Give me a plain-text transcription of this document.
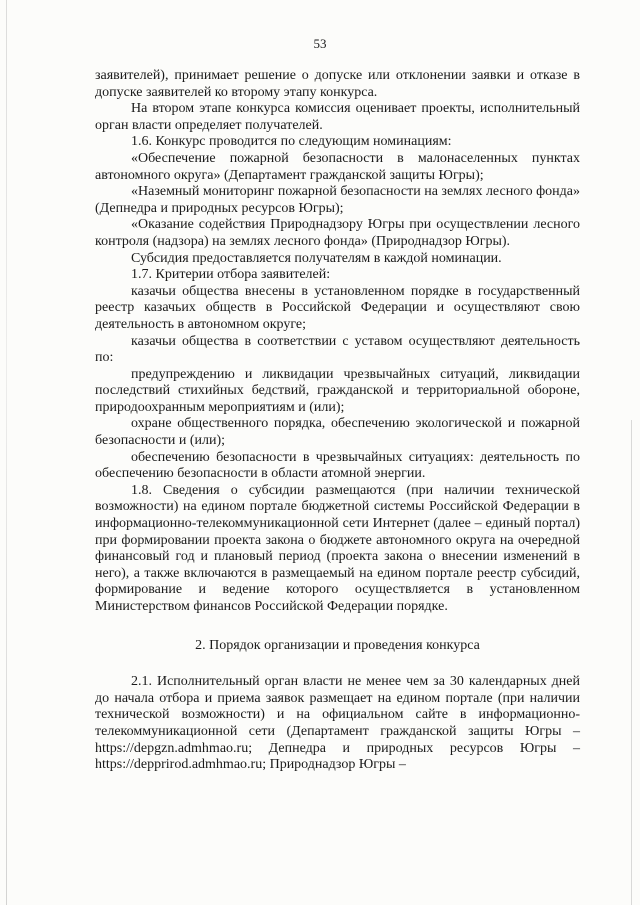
53

заявителей), принимает решение о допуске или отклонении заявки и отказе в допуске заявителей ко второму этапу конкурса.

На втором этапе конкурса комиссия оценивает проекты, исполнительный орган власти определяет получателей.

1.6. Конкурс проводится по следующим номинациям:

«Обеспечение пожарной безопасности в малонаселенных пунктах автономного округа» (Департамент гражданской защиты Югры);

«Наземный мониторинг пожарной безопасности на землях лесного фонда» (Депнедра и природных ресурсов Югры);

«Оказание содействия Природнадзору Югры при осуществлении лесного контроля (надзора) на землях лесного фонда» (Природнадзор Югры).

Субсидия предоставляется получателям в каждой номинации.

1.7. Критерии отбора заявителей:

казачьи общества внесены в установленном порядке в государственный реестр казачьих обществ в Российской Федерации и осуществляют свою деятельность в автономном округе;

казачьи общества в соответствии с уставом осуществляют деятельность по:

предупреждению и ликвидации чрезвычайных ситуаций, ликвидации последствий стихийных бедствий, гражданской и территориальной обороне, природоохранным мероприятиям и (или);

охране общественного порядка, обеспечению экологической и пожарной безопасности и (или);

обеспечению безопасности в чрезвычайных ситуациях: деятельность по обеспечению безопасности в области атомной энергии.

1.8. Сведения о субсидии размещаются (при наличии технической возможности) на едином портале бюджетной системы Российской Федерации в информационно-телекоммуникационной сети Интернет (далее – единый портал) при формировании проекта закона о бюджете автономного округа на очередной финансовый год и плановый период (проекта закона о внесении изменений в него), а также включаются в размещаемый на едином портале реестр субсидий, формирование и ведение которого осуществляется в установленном Министерством финансов Российской Федерации порядке.

2. Порядок организации и проведения конкурса

2.1. Исполнительный орган власти не менее чем за 30 календарных дней до начала отбора и приема заявок размещает на едином портале (при наличии технической возможности) и на официальном сайте в информационно-телекоммуникационной сети (Департамент гражданской защиты Югры – https://depgzn.admhmao.ru; Депнедра и природных ресурсов Югры – https://depprirod.admhmao.ru; Природнадзор Югры –
